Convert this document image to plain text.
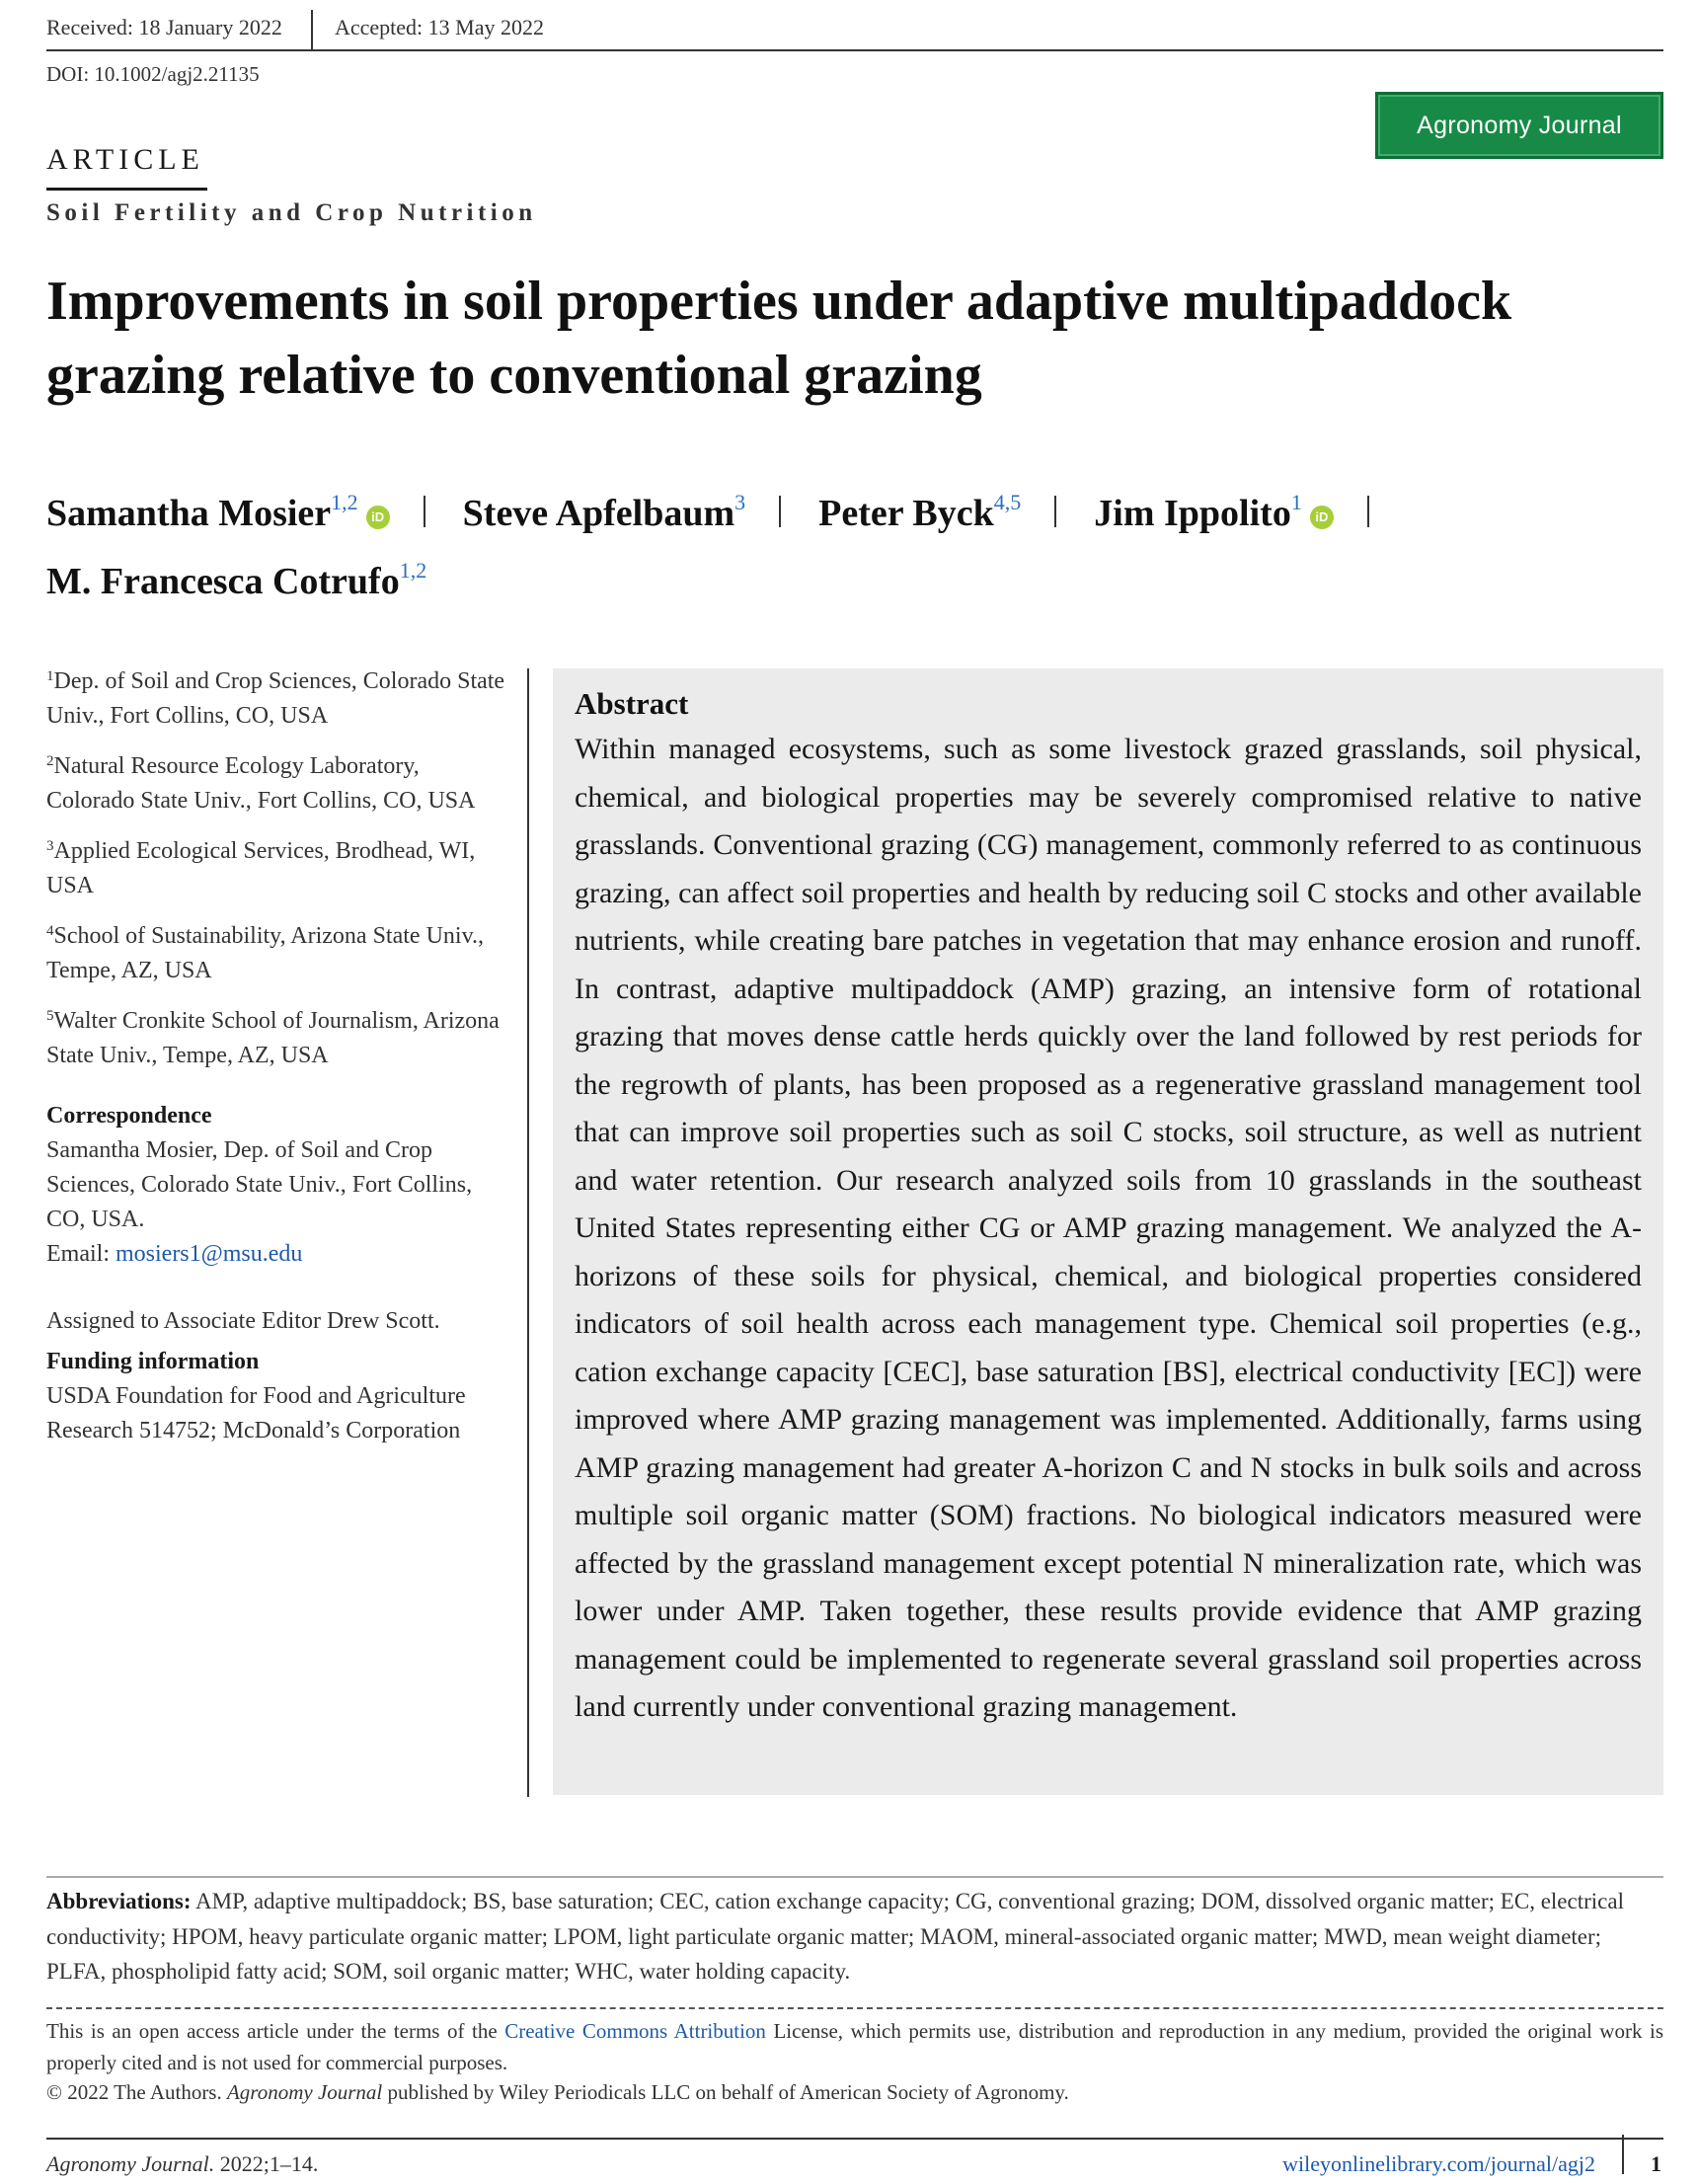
Received: 18 January 2022 Accepted: 13 May 2022
DOI: 10.1002/agj2.21135
Agronomy Journal
ARTICLE
Soil Fertility and Crop Nutrition
Improvements in soil properties under adaptive multipaddock
grazing relative to conventional grazing
Samantha Mosier$^{1,2}$iD Steve Apfelbaum$^3$ Peter Byck$^{4,5}$ Jim Ippolito$^1$iD
M. Francesca Cotrufo$^{1,2}$
$^1$Dep. of Soil and Crop Sciences, Colorado State Univ., Fort Collins, CO, USA
$^2$Natural Resource Ecology Laboratory, Colorado State Univ., Fort Collins, CO, USA
$^3$Applied Ecological Services, Brodhead, WI, USA
$^4$School of Sustainability, Arizona State Univ., Tempe, AZ, USA
$^5$Walter Cronkite School of Journalism, Arizona State Univ., Tempe, AZ, USA
Correspondence
Samantha Mosier, Dep. of Soil and Crop Sciences, Colorado State Univ., Fort Collins, CO, USA.
Email: mosiers1@msu.edu
Assigned to Associate Editor Drew Scott.
Funding information
USDA Foundation for Food and Agriculture Research 514752; McDonald’s Corporation
Abstract

Within managed ecosystems, such as some livestock grazed grasslands, soil physical, chemical, and biological properties may be severely compromised relative to native grasslands. Conventional grazing (CG) management, commonly referred to as continuous grazing, can affect soil properties and health by reducing soil C stocks and other available nutrients, while creating bare patches in vegetation that may enhance erosion and runoff. In contrast, adaptive multipaddock (AMP) grazing, an intensive form of rotational grazing that moves dense cattle herds quickly over the land followed by rest periods for the regrowth of plants, has been proposed as a regenerative grassland management tool that can improve soil properties such as soil C stocks, soil structure, as well as nutrient and water retention. Our research analyzed soils from 10 grasslands in the southeast United States representing either CG or AMP grazing management. We analyzed the A-horizons of these soils for physical, chemical, and biological properties considered indicators of soil health across each management type. Chemical soil properties (e.g., cation exchange capacity [CEC], base saturation [BS], electrical conductivity [EC]) were improved where AMP grazing management was implemented. Additionally, farms using AMP grazing management had greater A-horizon C and N stocks in bulk soils and across multiple soil organic matter (SOM) fractions. No biological indicators measured were affected by the grassland management except potential N mineralization rate, which was lower under AMP. Taken together, these results provide evidence that AMP grazing management could be implemented to regenerate several grassland soil properties across land currently under conventional grazing management.

Abbreviations: AMP, adaptive multipaddock; BS, base saturation; CEC, cation exchange capacity; CG, conventional grazing; DOM, dissolved organic matter; EC, electrical conductivity; HPOM, heavy particulate organic matter; LPOM, light particulate organic matter; MAOM, mineral-associated organic matter; MWD, mean weight diameter; PLFA, phospholipid fatty acid; SOM, soil organic matter; WHC, water holding capacity.
This is an open access article under the terms of the Creative Commons Attribution License, which permits use, distribution and reproduction in any medium, provided the original work is properly cited and is not used for commercial purposes.
© 2022 The Authors. Agronomy Journal published by Wiley Periodicals LLC on behalf of American Society of Agronomy.
Agronomy Journal. 2022;1–14.	wileyonlinelibrary.com/journal/agj2	1
